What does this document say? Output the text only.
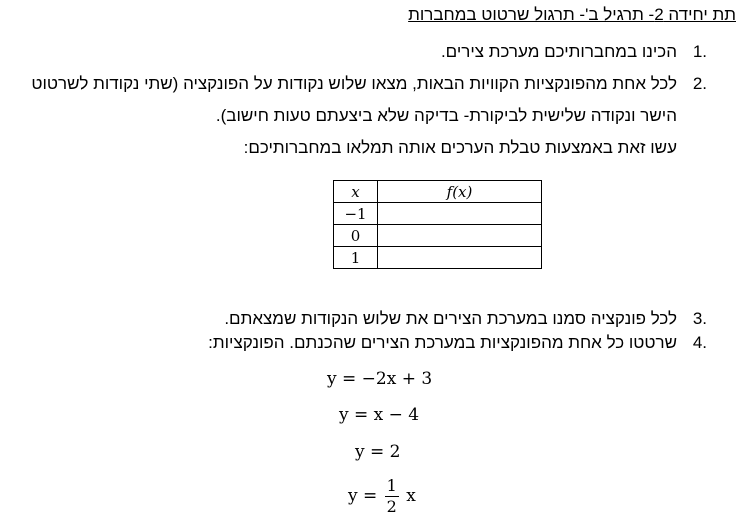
תת יחידה 2- תרגיל ב'- תרגול שרטוט במחברות
1.
הכינו במחברותיכם מערכת צירים.
2.
לכל אחת מהפונקציות הקוויות הבאות, מצאו שלוש נקודות על הפונקציה (שתי נקודות לשרטוט
הישר ונקודה שלישית לביקורת- בדיקה שלא ביצעתם טעות חישוב).
עשו זאת באמצעות טבלת הערכים אותה תמלאו במחברותיכם:
x	f(x)
−1	
0	
1	
3.
לכל פונקציה סמנו במערכת הצירים את שלוש הנקודות שמצאתם.
4.
שרטטו כל אחת מהפונקציות במערכת הצירים שהכנתם. הפונקציות:
y = −2x + 3
y = x − 4
y = 2
$y = \frac{1}{2}$ x
